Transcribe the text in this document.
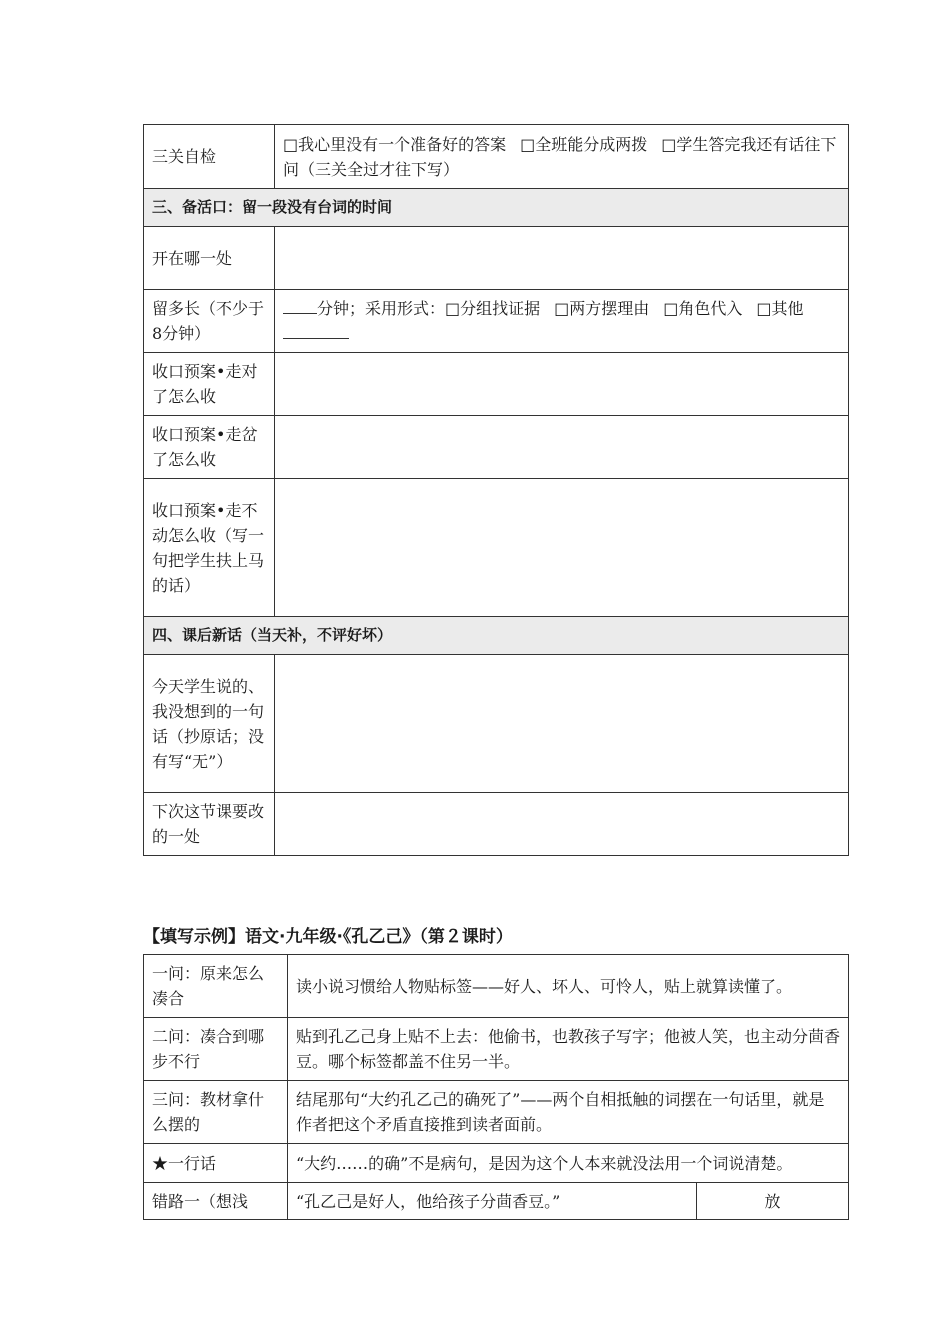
三关自检	□我心里没有一个准备好的答案 □全班能分成两拨 □学生答完我还有话往下问（三关全过才往下写）
三、备活口：留一段没有台词的时间	
开在哪一处	
留多长（不少于8分钟）	分钟；采用形式：□分组找证据 □两方摆理由 □角色代入 □其他

收口预案•走对了怎么收	
收口预案•走岔了怎么收	
收口预案•走不动怎么收（写一句把学生扶上马的话）	
四、课后新话（当天补，不评好坏）	
今天学生说的、我没想到的一句话（抄原话；没有写“无”）	
下次这节课要改的一处	
【填写示例】语文·九年级·《孔乙己》（第２课时）
一问：原来怎么凑合	读小说习惯给人物贴标签——好人、坏人、可怜人，贴上就算读懂了。	
二问：凑合到哪步不行	贴到孔乙己身上贴不上去：他偷书，也教孩子写字；他被人笑，也主动分茴香豆。哪个标签都盖不住另一半。	
三问：教材拿什么摆的	结尾那句“大约孔乙己的确死了”——两个自相抵触的词摆在一句话里，就是作者把这个矛盾直接推到读者面前。	
★一行话	“大约……的确”不是病句，是因为这个人本来就没法用一个词说清楚。	
错路一（想浅	“孔乙己是好人，他给孩子分茴香豆。”	放
